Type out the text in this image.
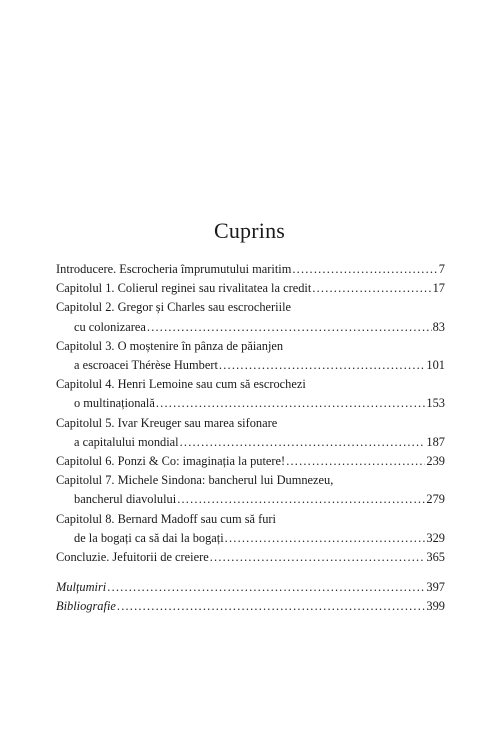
Cuprins
Introducere. Escrocheria împrumutului maritim .....	7
Capitolul 1. Colierul reginei sau rivalitatea la credit .....	17
Capitolul 2. Gregor și Charles sau escrocheriile
cu colonizarea .....	83
Capitolul 3. O moștenire în pânza de păianjen
a escroacei Thérèse Humbert .....	101
Capitolul 4. Henri Lemoine sau cum să escrochezi
o multinațională .....	153
Capitolul 5. Ivar Kreuger sau marea sifonare
a capitalului mondial .....	187
Capitolul 6. Ponzi & Co: imaginația la putere! .....	239
Capitolul 7. Michele Sindona: bancherul lui Dumnezeu,
bancherul diavolului .....	279
Capitolul 8. Bernard Madoff sau cum să furi
de la bogați ca să dai la bogați .....	329
Concluzie. Jefuitorii de creiere .....	365
Mulțumiri .....	397
Bibliografie .....	399
